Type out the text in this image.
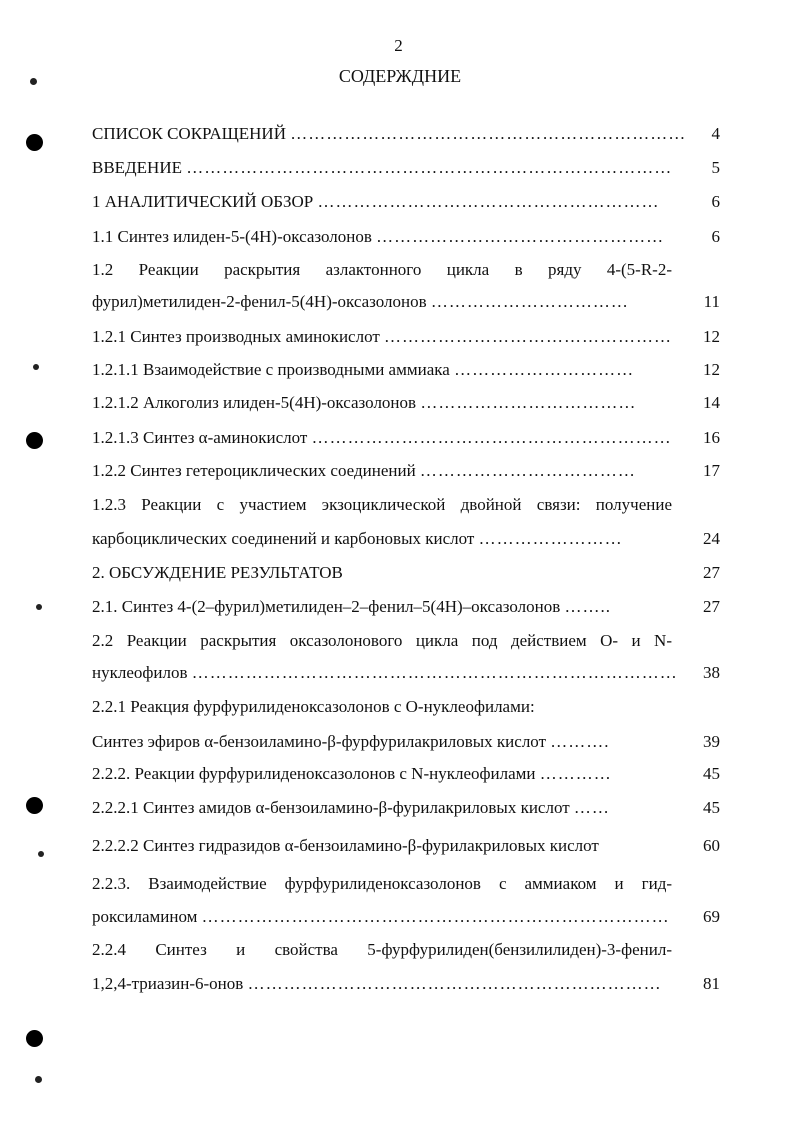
2
СОДЕРЖДНИЕ
СПИСОК СОКРАЩЕНИЙ …………………………………………………………	4
ВВЕДЕНИЕ ………………………………………………………………………	5
1 АНАЛИТИЧЕСКИЙ ОБЗОР …………………………………………………	6
1.1 Синтез илиден-5-(4Н)-оксазолонов …………………………………………	6
1.2 Реакции раскрытия азлактонного цикла в ряду 4-(5-R-2-
фурил)метилиден-2-фенил-5(4Н)-оксазолонов ……………………………	11
1.2.1 Синтез производных аминокислот …………………………………………	12
1.2.1.1 Взаимодействие с производными аммиака …………………………	12
1.2.1.2 Алкоголиз илиден-5(4Н)-оксазолонов ………………………………	14
1.2.1.3 Синтез α-аминокислот ……………………………………………………	16
1.2.2 Синтез гетероциклических соединений ………………………………	17
1.2.3 Реакции с участием экзоциклической двойной связи: получение
карбоциклических соединений и карбоновых кислот ……………………	24
2. ОБСУЖДЕНИЕ РЕЗУЛЬТАТОВ	27
2.1. Синтез 4-(2–фурил)метилиден–2–фенил–5(4Н)–оксазолонов ……..	27
2.2 Реакции раскрытия оксазолонового цикла под действием O- и N-
нуклеофилов ………………………………………………………………………	38
2.2.1 Реакция фурфурилиденоксазолонов с O-нуклеофилами:
Синтез эфиров α-бензоиламино-β-фурфурилакриловых кислот ……….	39
2.2.2. Реакции фурфурилиденоксазолонов с N-нуклеофилами …………	45
2.2.2.1 Синтез амидов α-бензоиламино-β-фурилакриловых кислот ……	45
2.2.2.2 Синтез гидразидов α-бензоиламино-β-фурилакриловых кислот	60
2.2.3. Взаимодействие фурфурилиденоксазолонов с аммиаком и гид-
роксиламином ……………………………………………………………………	69
2.2.4 Синтез и свойства 5-фурфурилиден(бензилилиден)-3-фенил-
1,2,4-триазин-6-онов ……………………………………………………………	81
